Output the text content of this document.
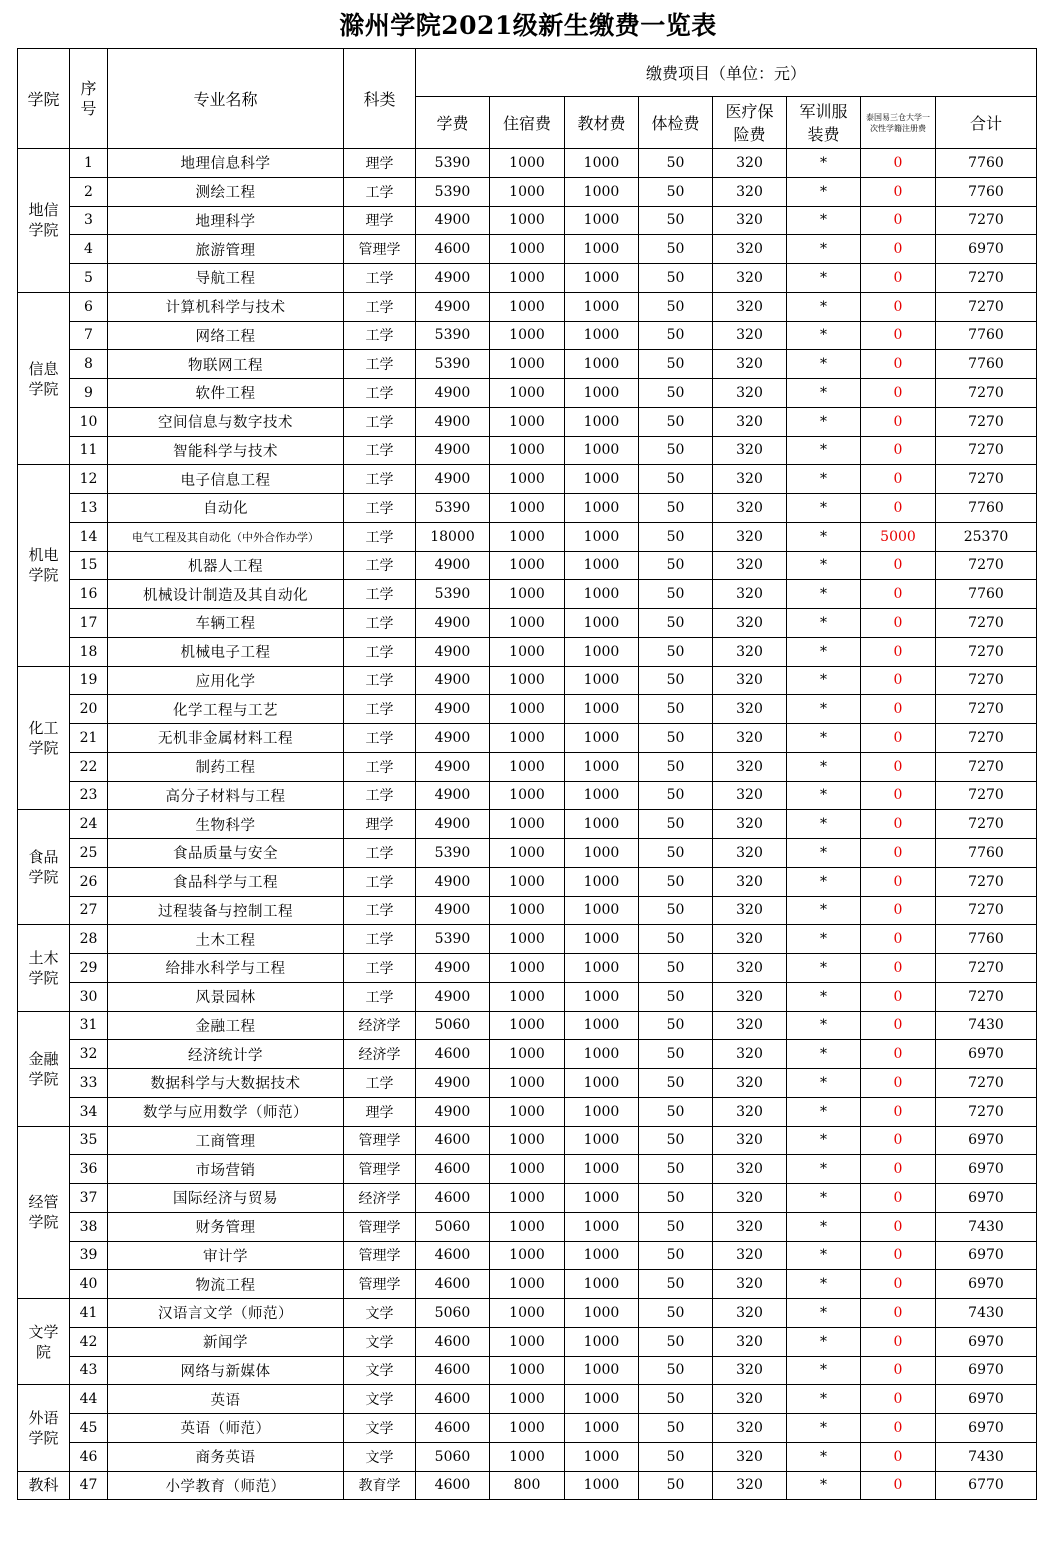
滁州学院2021级新生缴费一览表
学院	序号	专业名称	科类	缴费项目（单位：元）							
				学费	住宿费	教材费	体检费	医疗保险费	军训服装费	泰国易三仓大学一次性学籍注册费	合计
地信学院	1	地理信息科学	理学	5390	1000	1000	50	320	*	0	7760
	2	测绘工程	工学	5390	1000	1000	50	320	*	0	7760
	3	地理科学	理学	4900	1000	1000	50	320	*	0	7270
	4	旅游管理	管理学	4600	1000	1000	50	320	*	0	6970
	5	导航工程	工学	4900	1000	1000	50	320	*	0	7270
信息学院	6	计算机科学与技术	工学	4900	1000	1000	50	320	*	0	7270
	7	网络工程	工学	5390	1000	1000	50	320	*	0	7760
	8	物联网工程	工学	5390	1000	1000	50	320	*	0	7760
	9	软件工程	工学	4900	1000	1000	50	320	*	0	7270
	10	空间信息与数字技术	工学	4900	1000	1000	50	320	*	0	7270
	11	智能科学与技术	工学	4900	1000	1000	50	320	*	0	7270
机电学院	12	电子信息工程	工学	4900	1000	1000	50	320	*	0	7270
	13	自动化	工学	5390	1000	1000	50	320	*	0	7760
	14	电气工程及其自动化（中外合作办学）	工学	18000	1000	1000	50	320	*	5000	25370
	15	机器人工程	工学	4900	1000	1000	50	320	*	0	7270
	16	机械设计制造及其自动化	工学	5390	1000	1000	50	320	*	0	7760
	17	车辆工程	工学	4900	1000	1000	50	320	*	0	7270
	18	机械电子工程	工学	4900	1000	1000	50	320	*	0	7270
化工学院	19	应用化学	工学	4900	1000	1000	50	320	*	0	7270
	20	化学工程与工艺	工学	4900	1000	1000	50	320	*	0	7270
	21	无机非金属材料工程	工学	4900	1000	1000	50	320	*	0	7270
	22	制药工程	工学	4900	1000	1000	50	320	*	0	7270
	23	高分子材料与工程	工学	4900	1000	1000	50	320	*	0	7270
食品学院	24	生物科学	理学	4900	1000	1000	50	320	*	0	7270
	25	食品质量与安全	工学	5390	1000	1000	50	320	*	0	7760
	26	食品科学与工程	工学	4900	1000	1000	50	320	*	0	7270
	27	过程装备与控制工程	工学	4900	1000	1000	50	320	*	0	7270
土木学院	28	土木工程	工学	5390	1000	1000	50	320	*	0	7760
	29	给排水科学与工程	工学	4900	1000	1000	50	320	*	0	7270
	30	风景园林	工学	4900	1000	1000	50	320	*	0	7270
金融学院	31	金融工程	经济学	5060	1000	1000	50	320	*	0	7430
	32	经济统计学	经济学	4600	1000	1000	50	320	*	0	6970
	33	数据科学与大数据技术	工学	4900	1000	1000	50	320	*	0	7270
	34	数学与应用数学（师范）	理学	4900	1000	1000	50	320	*	0	7270
经管学院	35	工商管理	管理学	4600	1000	1000	50	320	*	0	6970
	36	市场营销	管理学	4600	1000	1000	50	320	*	0	6970
	37	国际经济与贸易	经济学	4600	1000	1000	50	320	*	0	6970
	38	财务管理	管理学	5060	1000	1000	50	320	*	0	7430
	39	审计学	管理学	4600	1000	1000	50	320	*	0	6970
	40	物流工程	管理学	4600	1000	1000	50	320	*	0	6970
文学院	41	汉语言文学（师范）	文学	5060	1000	1000	50	320	*	0	7430
	42	新闻学	文学	4600	1000	1000	50	320	*	0	6970
	43	网络与新媒体	文学	4600	1000	1000	50	320	*	0	6970
外语学院	44	英语	文学	4600	1000	1000	50	320	*	0	6970
	45	英语（师范）	文学	4600	1000	1000	50	320	*	0	6970
	46	商务英语	文学	5060	1000	1000	50	320	*	0	7430
教科	47	小学教育（师范）	教育学	4600	800	1000	50	320	*	0	6770
